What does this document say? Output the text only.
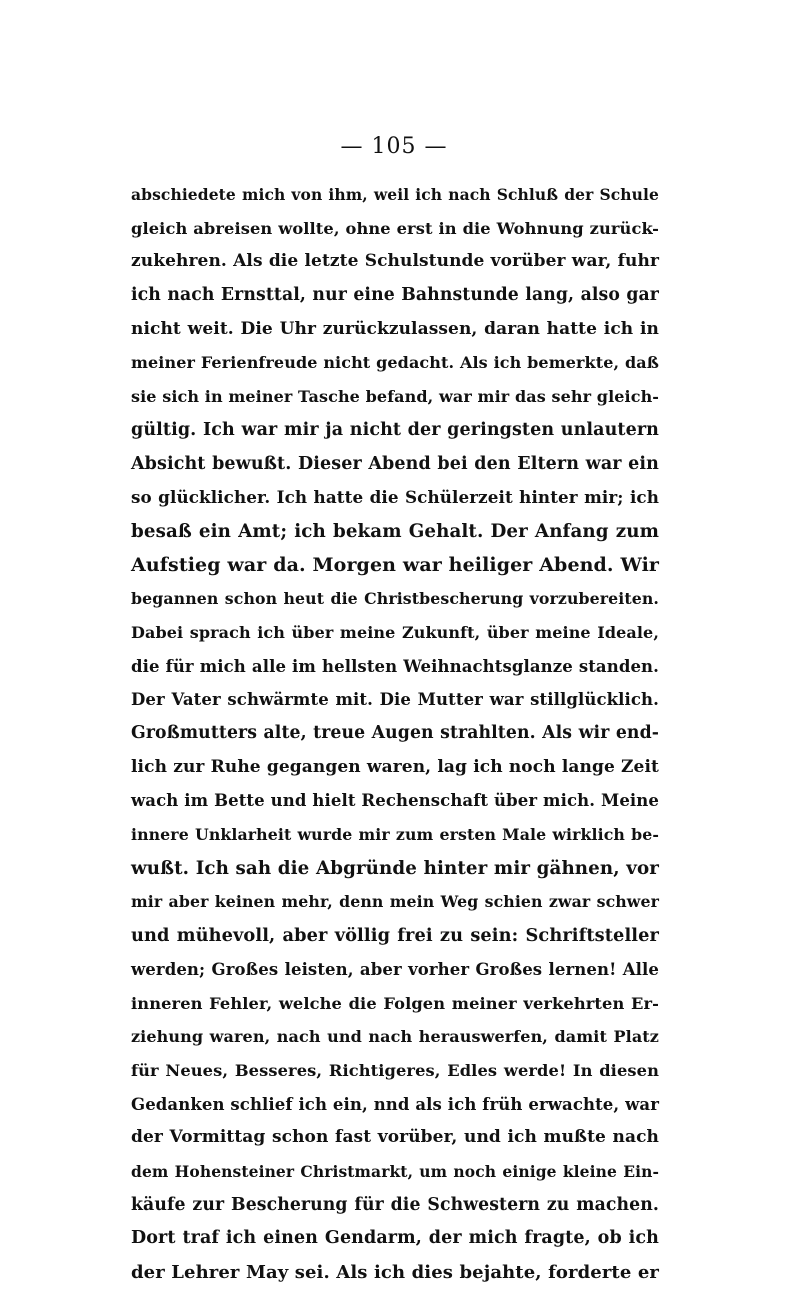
— 105 —
abschiedete mich von ihm, weil ich nach Schluß der Schule
gleich abreisen wollte, ohne erst in die Wohnung zurück-
zukehren. Als die letzte Schulstunde vorüber war, fuhr
ich nach Ernsttal, nur eine Bahnstunde lang, also gar
nicht weit. Die Uhr zurückzulassen, daran hatte ich in
meiner Ferienfreude nicht gedacht. Als ich bemerkte, daß
sie sich in meiner Tasche befand, war mir das sehr gleich-
gültig. Ich war mir ja nicht der geringsten unlautern
Absicht bewußt. Dieser Abend bei den Eltern war ein
so glücklicher. Ich hatte die Schülerzeit hinter mir; ich
besaß ein Amt; ich bekam Gehalt. Der Anfang zum
Aufstieg war da. Morgen war heiliger Abend. Wir
begannen schon heut die Christbescherung vorzubereiten.
Dabei sprach ich über meine Zukunft, über meine Ideale,
die für mich alle im hellsten Weihnachtsglanze standen.
Der Vater schwärmte mit. Die Mutter war stillglücklich.
Großmutters alte, treue Augen strahlten. Als wir end-
lich zur Ruhe gegangen waren, lag ich noch lange Zeit
wach im Bette und hielt Rechenschaft über mich. Meine
innere Unklarheit wurde mir zum ersten Male wirklich be-
wußt. Ich sah die Abgründe hinter mir gähnen, vor
mir aber keinen mehr, denn mein Weg schien zwar schwer
und mühevoll, aber völlig frei zu sein: Schriftsteller
werden; Großes leisten, aber vorher Großes lernen! Alle
inneren Fehler, welche die Folgen meiner verkehrten Er-
ziehung waren, nach und nach herauswerfen, damit Platz
für Neues, Besseres, Richtigeres, Edles werde! In diesen
Gedanken schlief ich ein, nnd als ich früh erwachte, war
der Vormittag schon fast vorüber, und ich mußte nach
dem Hohensteiner Christmarkt, um noch einige kleine Ein-
käufe zur Bescherung für die Schwestern zu machen.
Dort traf ich einen Gendarm, der mich fragte, ob ich
der Lehrer May sei. Als ich dies bejahte, forderte er
